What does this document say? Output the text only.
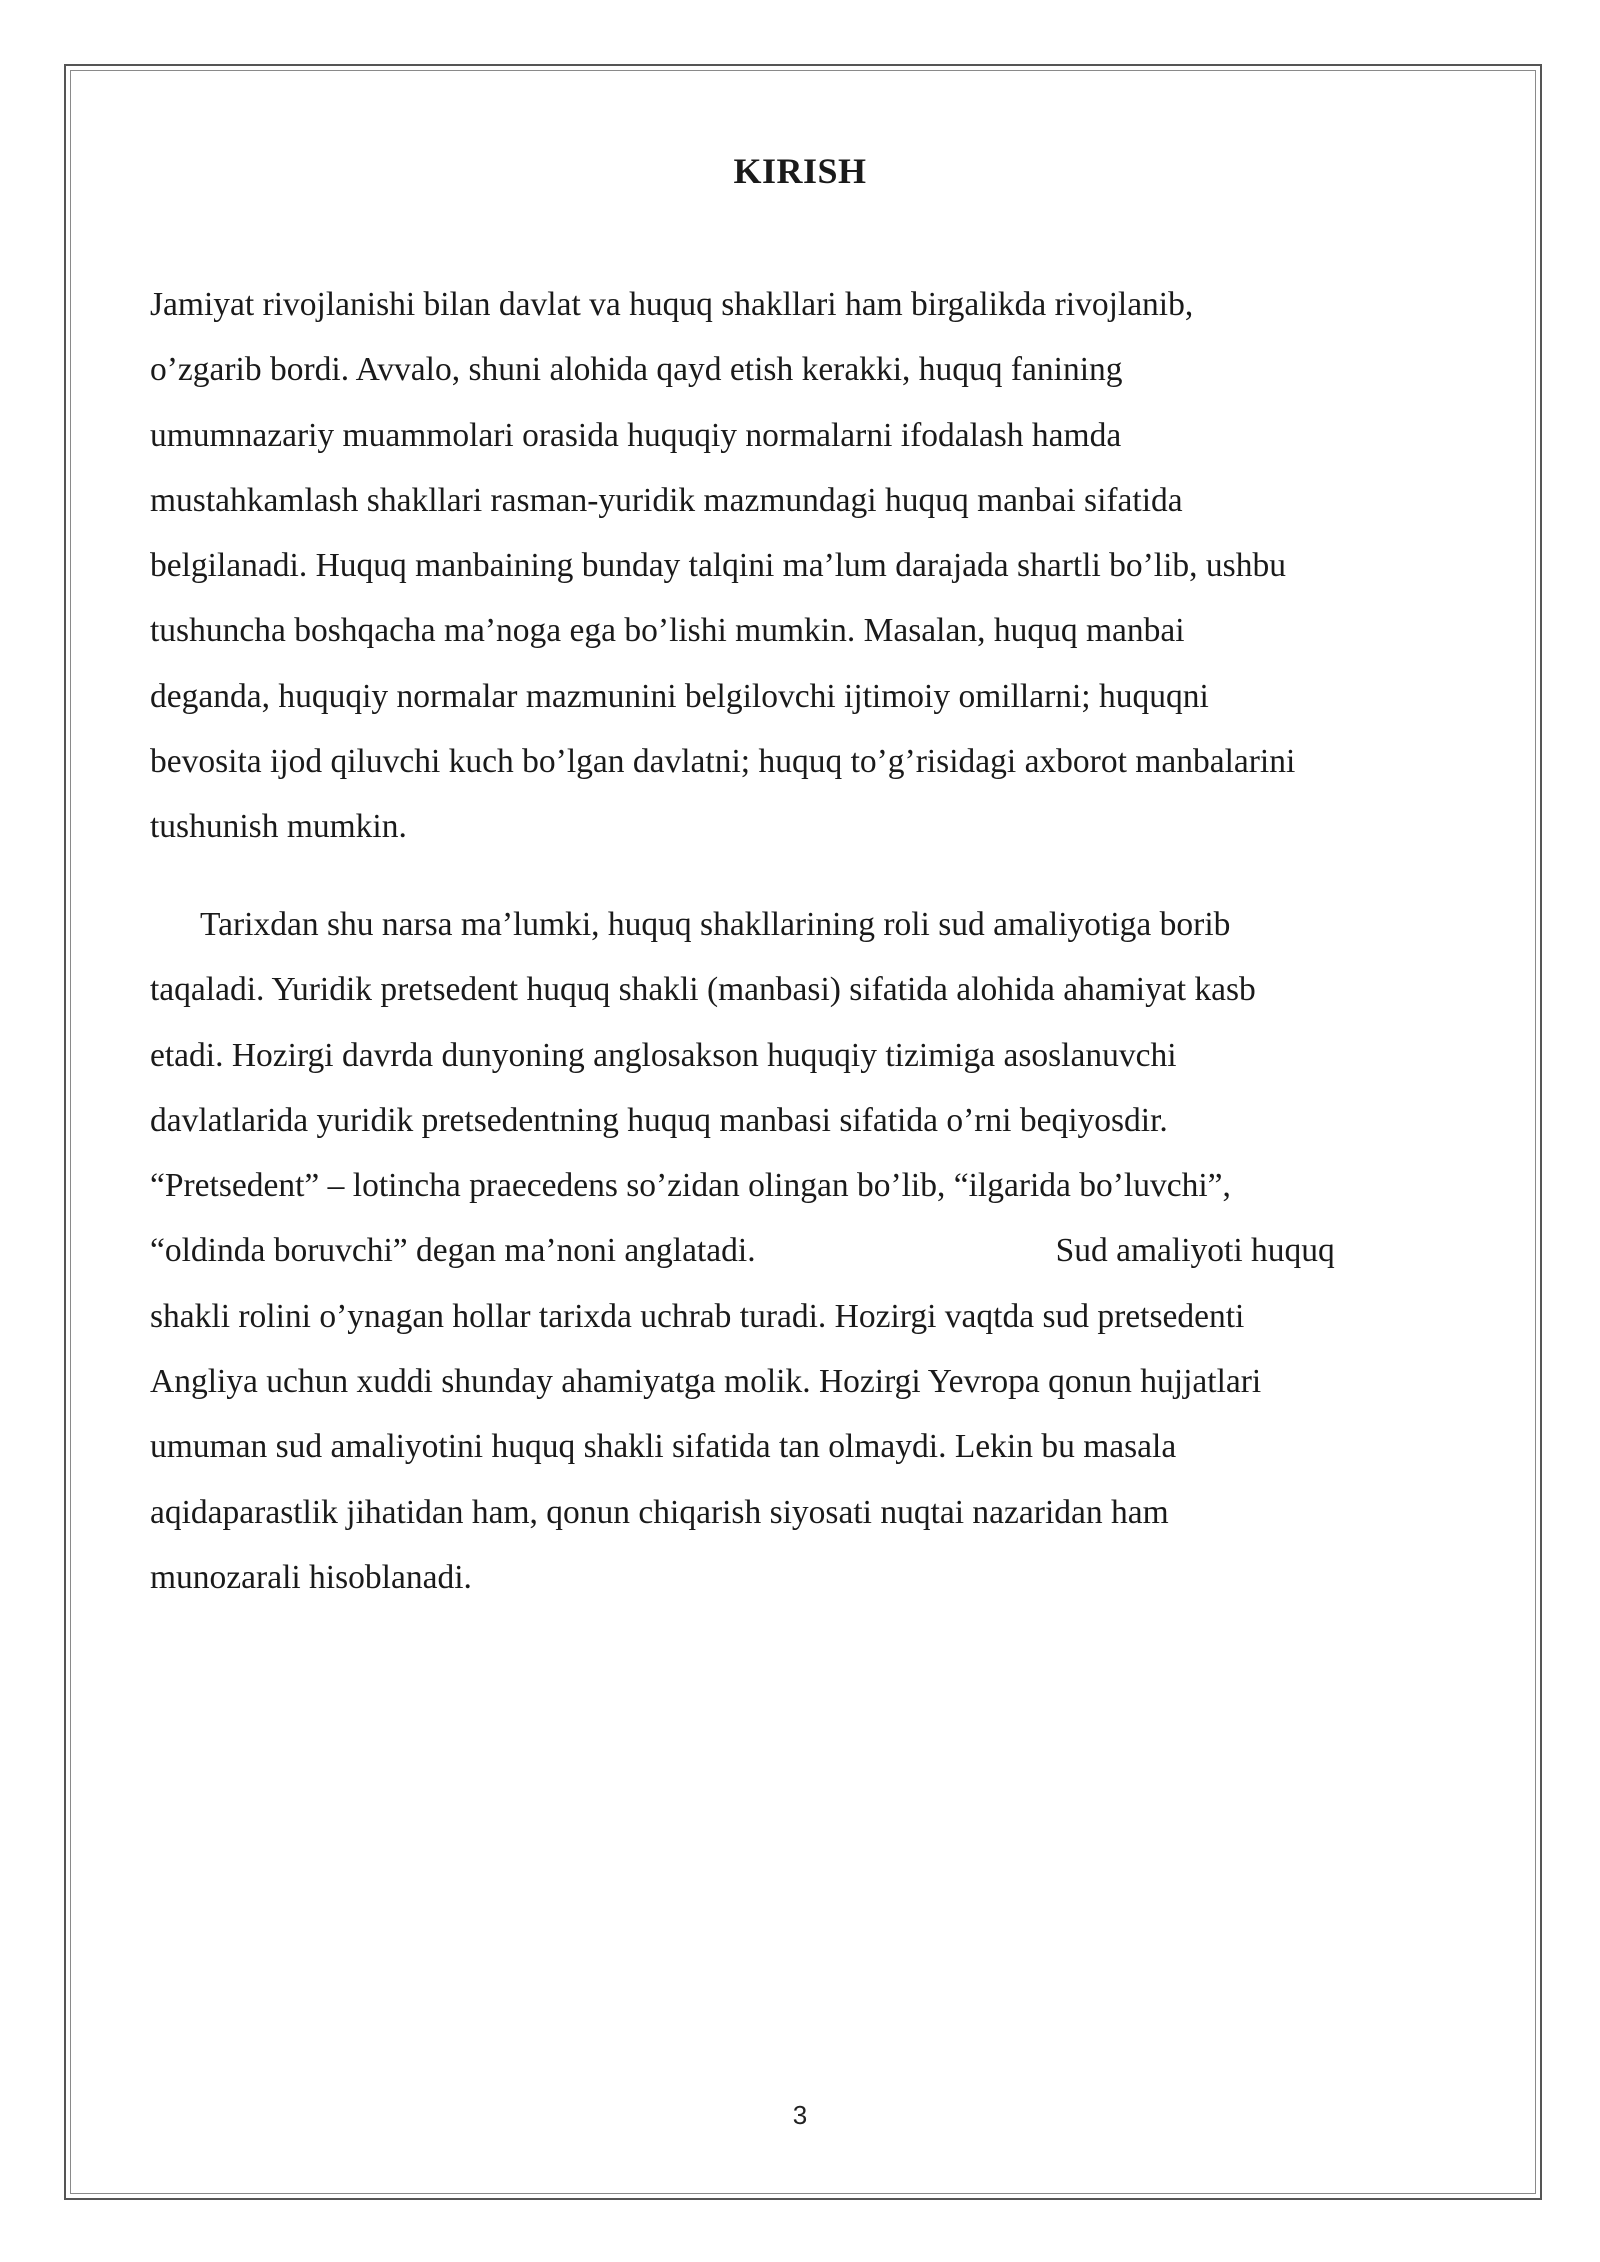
KIRISH
Jamiyat rivojlanishi bilan davlat va huquq shakllari ham birgalikda rivojlanib,
o’zgarib bordi. Avvalo, shuni alohida qayd etish kerakki, huquq fanining
umumnazariy muammolari orasida huquqiy normalarni ifodalash hamda
mustahkamlash shakllari rasman-yuridik mazmundagi huquq manbai sifatida
belgilanadi. Huquq manbaining bunday talqini ma’lum darajada shartli bo’lib, ushbu
tushuncha boshqacha ma’noga ega bo’lishi mumkin. Masalan, huquq manbai
deganda, huquqiy normalar mazmunini belgilovchi ijtimoiy omillarni; huquqni
bevosita ijod qiluvchi kuch bo’lgan davlatni; huquq to’g’risidagi axborot manbalarini
tushunish mumkin.
Tarixdan shu narsa ma’lumki, huquq shakllarining roli sud amaliyotiga borib
taqaladi. Yuridik pretsedent huquq shakli (manbasi) sifatida alohida ahamiyat kasb
etadi. Hozirgi davrda dunyoning anglosakson huquqiy tizimiga asoslanuvchi
davlatlarida yuridik pretsedentning huquq manbasi sifatida o’rni beqiyosdir.
“Pretsedent” – lotincha praecedens so’zidan olingan bo’lib, “ilgarida bo’luvchi”,
“oldinda boruvchi” degan ma’noni anglatadi.	Sud amaliyoti huquq
shakli rolini o’ynagan hollar tarixda uchrab turadi. Hozirgi vaqtda sud pretsedenti
Angliya uchun xuddi shunday ahamiyatga molik. Hozirgi Yevropa qonun hujjatlari
umuman sud amaliyotini huquq shakli sifatida tan olmaydi. Lekin bu masala
aqidaparastlik jihatidan ham, qonun chiqarish siyosati nuqtai nazaridan ham
munozarali hisoblanadi.
3
